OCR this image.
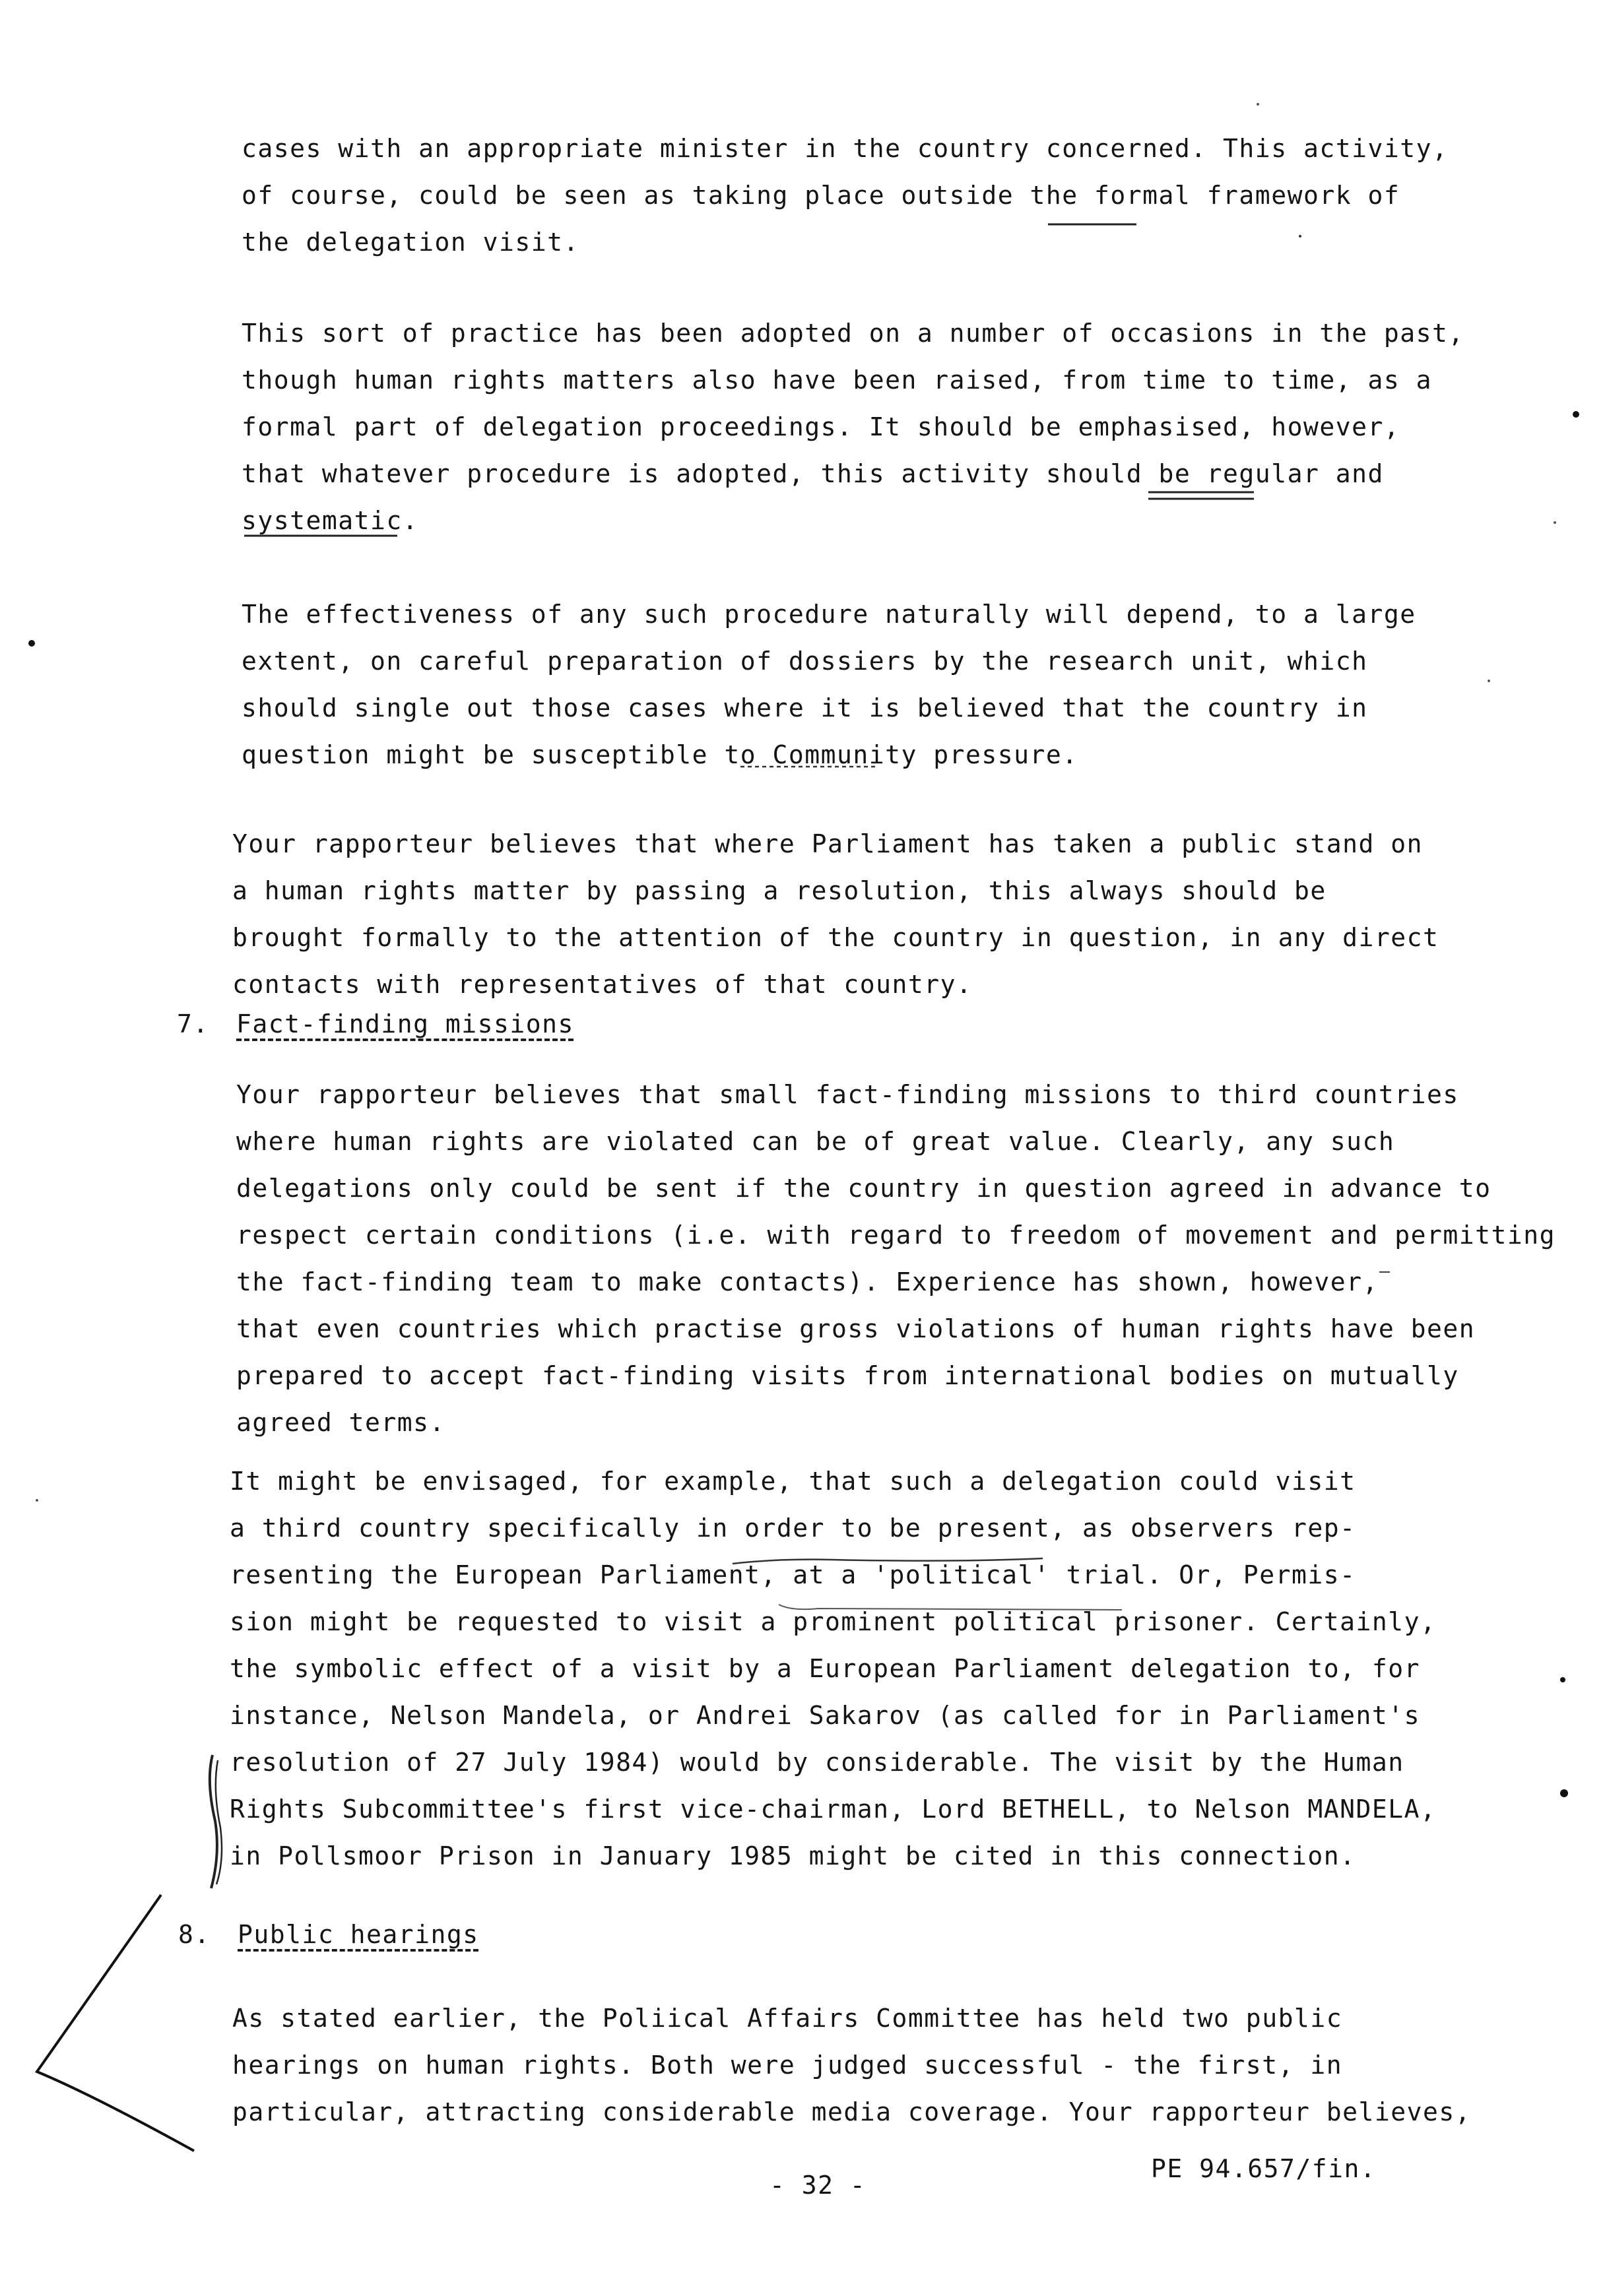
cases with an appropriate minister in the country concerned. This activity,
of course, could be seen as taking place outside the formal framework of
the delegation visit.
This sort of practice has been adopted on a number of occasions in the past,
though human rights matters also have been raised, from time to time, as a
formal part of delegation proceedings. It should be emphasised, however,
that whatever procedure is adopted, this activity should be regular and
systematic.
The effectiveness of any such procedure naturally will depend, to a large
extent, on careful preparation of dossiers by the research unit, which
should single out those cases where it is believed that the country in
question might be susceptible to Community pressure.
Your rapporteur believes that where Parliament has taken a public stand on
a human rights matter by passing a resolution, this always should be
brought formally to the attention of the country in question, in any direct
contacts with representatives of that country.
7. Fact-finding missions
Your rapporteur believes that small fact-finding missions to third countries
where human rights are violated can be of great value. Clearly, any such
delegations only could be sent if the country in question agreed in advance to
respect certain conditions (i.e. with regard to freedom of movement and permitting
the fact-finding team to make contacts). Experience has shown, however,
that even countries which practise gross violations of human rights have been
prepared to accept fact-finding visits from international bodies on mutually
agreed terms.
It might be envisaged, for example, that such a delegation could visit
a third country specifically in order to be present, as observers rep-
resenting the European Parliament, at a 'political' trial. Or, Permis-
sion might be requested to visit a prominent political prisoner. Certainly,
the symbolic effect of a visit by a European Parliament delegation to, for
instance, Nelson Mandela, or Andrei Sakarov (as called for in Parliament's
resolution of 27 July 1984) would by considerable. The visit by the Human
Rights Subcommittee's first vice-chairman, Lord BETHELL, to Nelson MANDELA,
in Pollsmoor Prison in January 1985 might be cited in this connection.
8. Public hearings
As stated earlier, the Poliical Affairs Committee has held two public
hearings on human rights. Both were judged successful - the first, in
particular, attracting considerable media coverage. Your rapporteur believes,
- 32 -
PE 94.657/fin.
